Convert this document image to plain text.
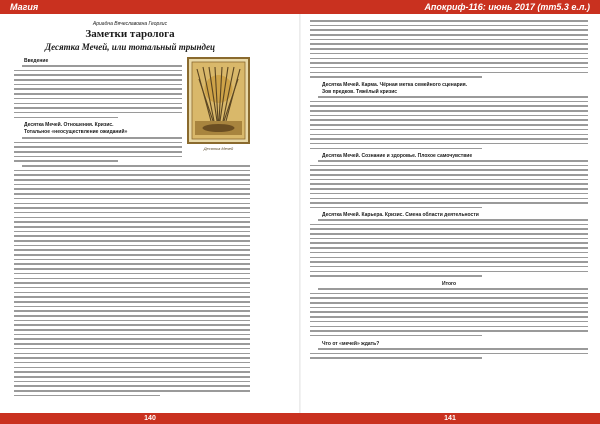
Магия
Ариадна Вячеславовна Георгис
Заметки таролога
Десятка Мечей, или тотальный трындец
Десятка Мечей
Введение
Десятка Мечей. Отношения. Кризис.
Тотальное «неосуществление ожиданий»
140
Апокриф-116: июнь 2017 (тт5.3 е.л.)
Десятка Мечей. Карма. Чёрная метка семейного сценария.
Зов предков. Тяжёлый кризис
Десятка Мечей. Сознание и здоровье. Плохое самочувствие
Десятка Мечей. Карьера. Кризис. Смена области деятельности
Итого
Что от «мечей» ждать?
141
